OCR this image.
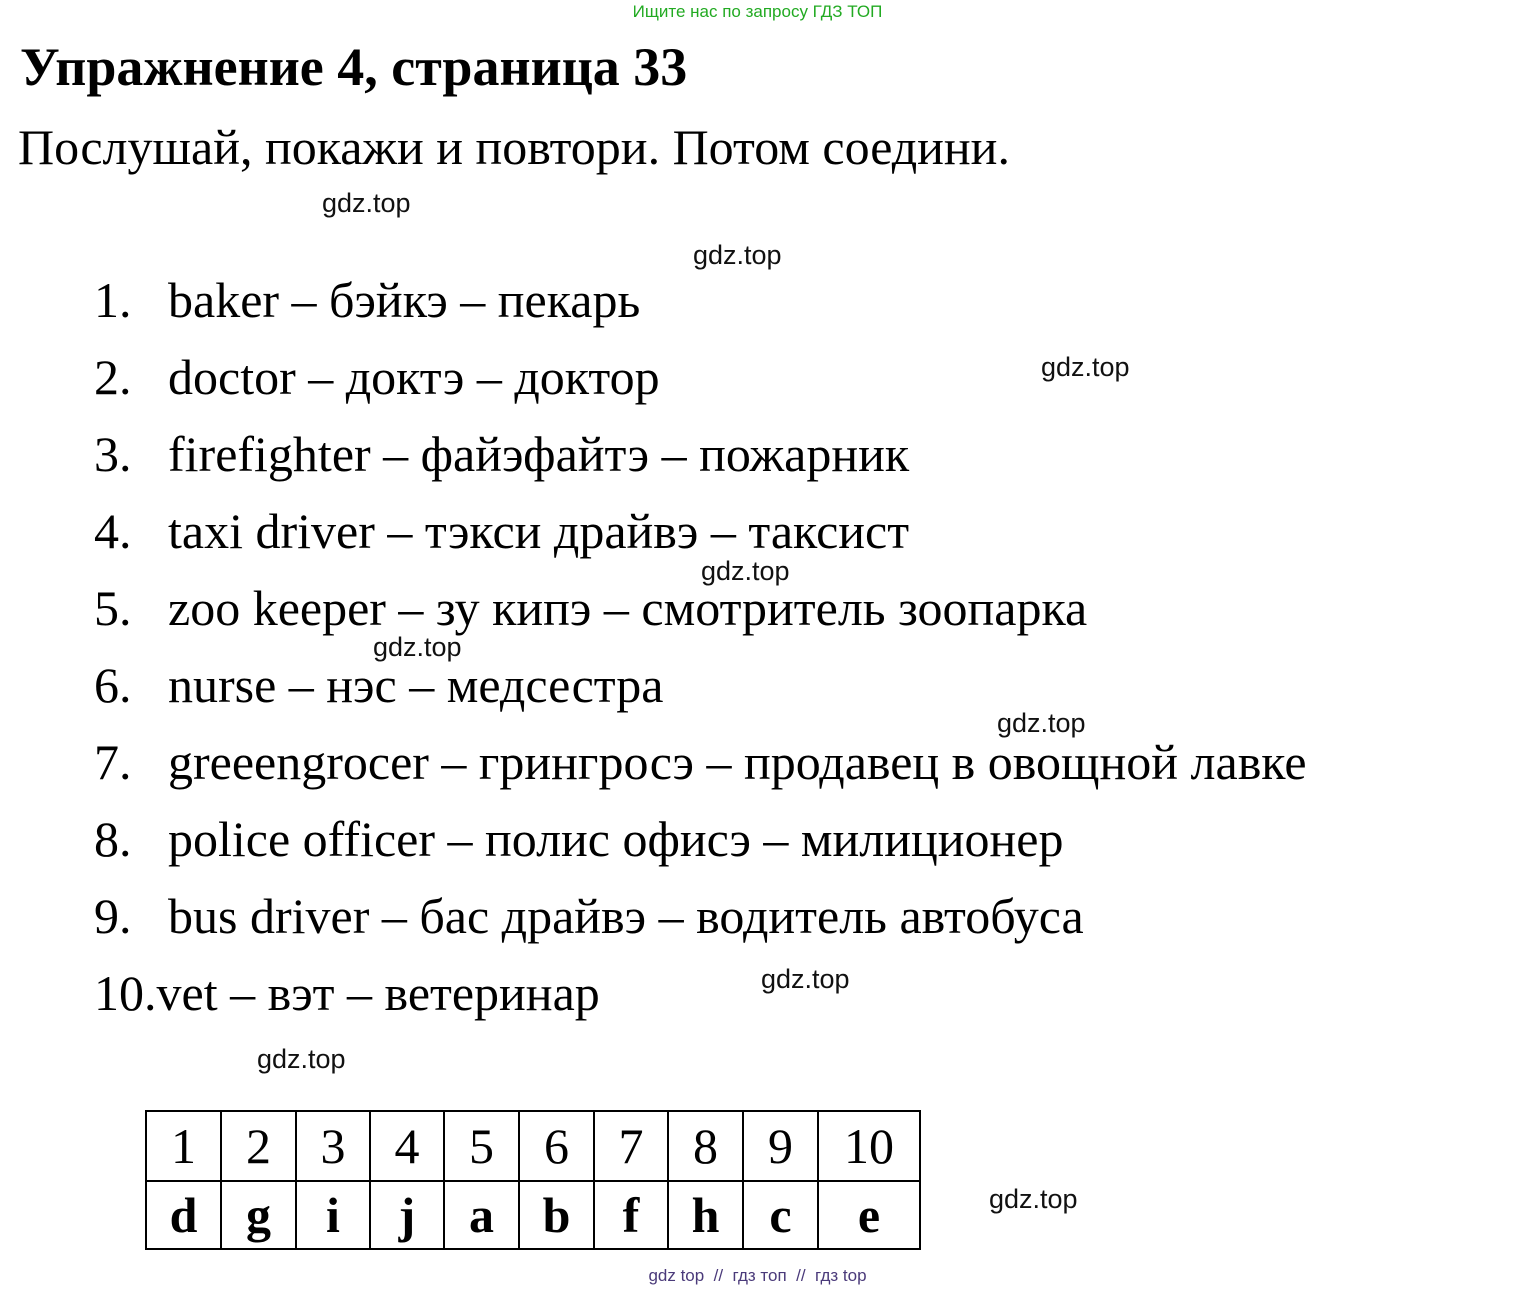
Ищите нас по запросу ГДЗ ТОП
Упражнение 4, страница 33
Послушай, покажи и повтори. Потом соедини.
gdz.top
gdz.top
gdz.top
gdz.top
gdz.top
gdz.top
gdz.top
gdz.top
gdz.top
1. baker – бэйкэ – пекарь
2. doctor – доктэ – доктор
3. firefighter – файэфайтэ – пожарник
4. taxi driver – тэкси драйвэ – таксист
5. zoo keeper – зу кипэ – смотритель зоопарка
6. nurse – нэс – медсестра
7. greeengrocer – грингросэ – продавец в овощной лавке
8. police officer – полис офисэ – милиционер
9. bus driver – бас драйвэ – водитель автобуса
10.vet – вэт – ветеринар
1	2	3	4	5	6	7	8	9	10
d	g	i	j	a	b	f	h	c	e
gdz top  //  гдз топ  //  гдз top
